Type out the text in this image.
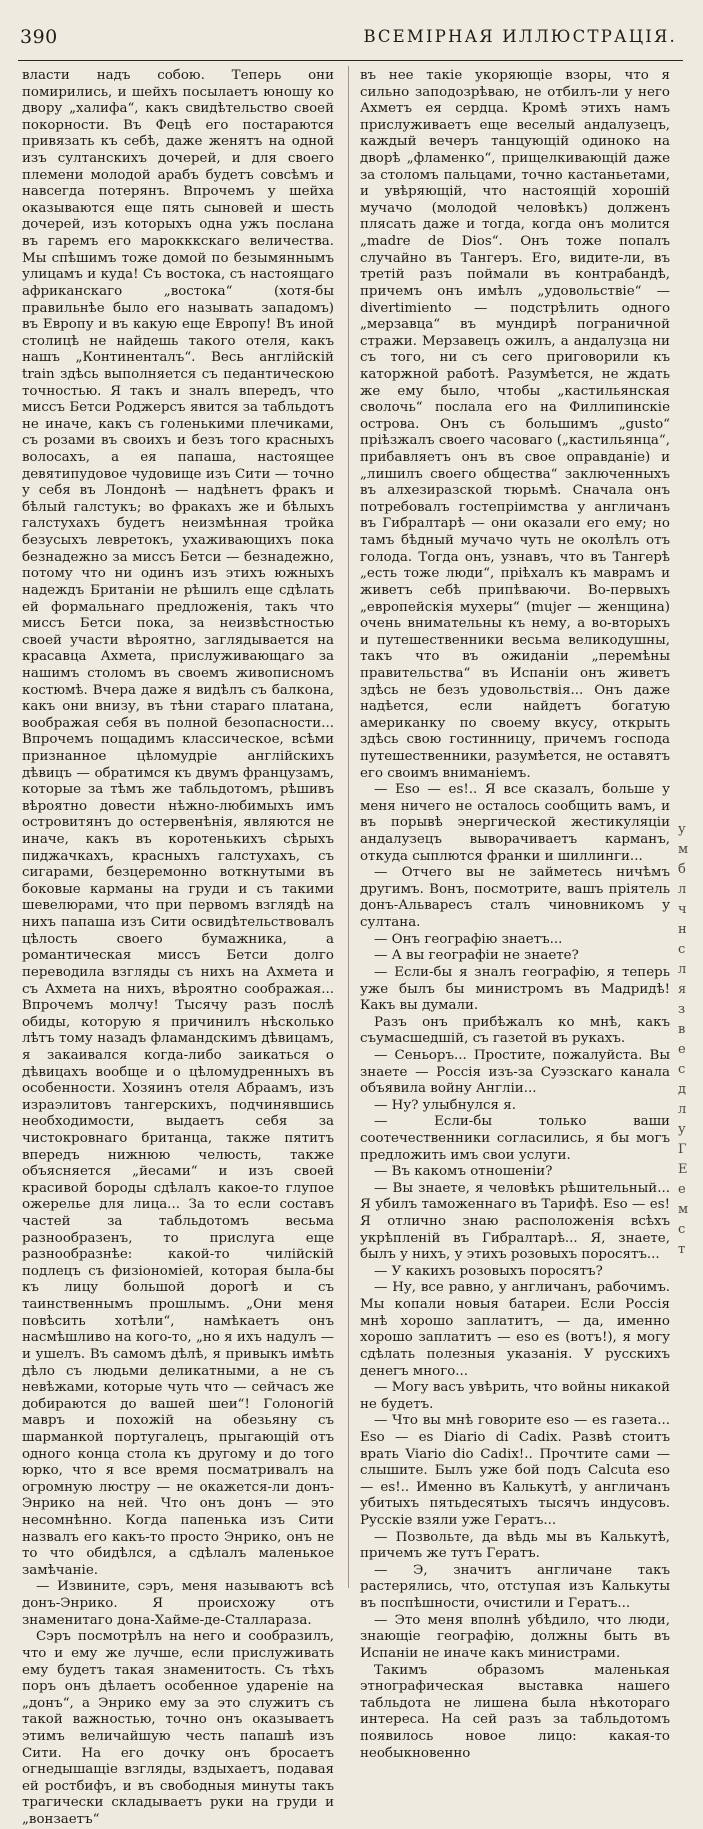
390	ВСЕМIРНАЯ ИЛЛЮСТРАЦIЯ.

власти надъ собою. Теперь они помирились, и шейхъ посылаетъ юношу ко двору „халифа“, какъ свидѣтельство своей покорности. Въ Фецѣ его постараются привязать къ себѣ, даже женятъ на одной изъ султанскихъ дочерей, и для своего племени молодой арабъ будетъ совсѣмъ и навсегда потерянъ. Впрочемъ у шейха оказываются еще пять сыновей и шесть дочерей, изъ которыхъ одна ужъ послана въ гаремъ его марокккскаго величества. Мы спѣшимъ тоже домой по безымяннымъ улицамъ и куда! Съ востока, съ настоящаго африканскаго „востока“ (хотя-бы правильнѣе было его называть западомъ) въ Европу и въ какую еще Европу! Въ иной столицѣ не найдешь такого отеля, какъ нашъ „Континенталъ“. Весь англiйскiй train здѣсь выполняется съ педантическою точностью. Я такъ и зналъ впередъ, что миссъ Бетси Роджерсъ явится за табльдотъ не иначе, какъ съ голенькими плечиками, съ розами въ своихъ и безъ того красныхъ волосахъ, а ея папаша, настоящее девятипудовое чудовище изъ Сити — точно у себя въ Лондонѣ — надѣнетъ фракъ и бѣлый галстукъ; во фракахъ же и бѣлыхъ галстухахъ будетъ неизмѣнная тройка безусыхъ левретокъ, ухаживающихъ пока безнадежно за миссъ Бетси — безнадежно, потому что ни одинъ изъ этихъ южныхъ надеждъ Британiи не рѣшилъ еще сдѣлать ей формальнаго предложенiя, такъ что миссъ Бетси пока, за неизвѣстностью своей участи вѣроятно, заглядывается на красавца Ахмета, прислуживающаго за нашимъ столомъ въ своемъ живописномъ костюмѣ. Вчера даже я видѣлъ съ балкона, какъ они внизу, въ тѣни стараго платана, воображая себя въ полной безопасности... Впрочемъ пощадимъ классическое, всѣми признанное цѣломудрiе англiйскихъ дѣвицъ — обратимся къ двумъ французамъ, которые за тѣмъ же табльдотомъ, рѣшивъ вѣроятно довести нѣжно-любимыхъ имъ островитянъ до остервенѣнiя, являются не иначе, какъ въ коротенькихъ сѣрыхъ пиджачкахъ, красныхъ галстухахъ, съ сигарами, безцеремонно воткнутыми въ боковые карманы на груди и съ такими шевелюрами, что при первомъ взглядѣ на нихъ папаша изъ Сити освидѣтельствовалъ цѣлость своего бумажника, а романтическая миссъ Бетси долго переводила взгляды съ нихъ на Ахмета и съ Ахмета на нихъ, вѣроятно соображая... Впрочемъ молчу! Тысячу разъ послѣ обиды, которую я причинилъ нѣсколько лѣтъ тому назадъ фламандскимъ дѣвицамъ, я закаивался когда-либо заикаться о дѣвицахъ вообще и о цѣломудренныхъ въ особенности. Хозяинъ отеля Абраамъ, изъ израэлитовъ тангерскихъ, подчинявшись необходимости, выдаетъ себя за чистокровнаго британца, также пятитъ впередъ нижнюю челюсть, также объясняется „йесами“ и изъ своей красивой бороды сдѣлалъ какое-то глупое ожерелье для лица... За то если составъ частей за табльдотомъ весьма разнообразенъ, то прислуга еще разнообразнѣе: какой-то чилiйскiй подлецъ съ физiономiей, которая была-бы къ лицу большой дорогѣ и съ таинственнымъ прошлымъ. „Они меня повѣсить хотѣли“, намѣкаетъ онъ насмѣшливо на кого-то, „но я ихъ надулъ — и ушелъ. Въ самомъ дѣлѣ, я привыкъ имѣть дѣло съ людьми деликатными, а не съ невѣжами, которые чуть что — сейчасъ же добираются до вашей шеи“! Голоногiй мавръ и похожiй на обезьяну съ шарманкой португалецъ, прыгающiй отъ одного конца стола къ другому и до того юрко, что я все время посматривалъ на огромную люстру — не окажется-ли донъ-Энрико на ней. Что онъ донъ — это несомнѣнно. Когда папенька изъ Сити назвалъ его какъ-то просто Энрико, онъ не то что обидѣлся, а сдѣлалъ маленькое замѣчанiе.

— Извините, сэръ, меня называютъ всѣ донъ-Энрико. Я происхожу отъ знаменитаго дона-Хайме-де-Сталлараза.

Сэръ посмотрѣлъ на него и сообразилъ, что и ему же лучше, если прислуживать ему будетъ такая знаменитость. Съ тѣхъ поръ онъ дѣлаетъ особенное ударенiе на „донъ“, а Энрико ему за это служитъ съ такой важностью, точно онъ оказываетъ этимъ величайшую честь папашѣ изъ Сити. На его дочку онъ бросаетъ огнедышащiе взгляды, вздыхаетъ, подавая ей ростбифъ, и въ свободныя минуты такъ трагически складываетъ руки на груди и „вонзаетъ“

въ нее такiе укоряющiе взоры, что я сильно заподозрѣваю, не отбилъ-ли у него Ахметъ ея сердца. Кромѣ этихъ намъ прислуживаетъ еще веселый андалузецъ, каждый вечеръ танцующiй одиноко на дворѣ „фламенко“, прищелкивающiй даже за столомъ пальцами, точно кастаньетами, и увѣряющiй, что настоящiй хорошiй мучачо (молодой человѣкъ) долженъ плясать даже и тогда, когда онъ молится „madre de Dios“. Онъ тоже попалъ случайно въ Тангеръ. Его, видите-ли, въ третiй разъ поймали въ контрабандѣ, причемъ онъ имѣлъ „удовольствiе“ — divertimiento — подстрѣлить одного „мерзавца“ въ мундирѣ пограничной стражи. Мерзавецъ ожилъ, а андалузца ни съ того, ни съ сего приговорили къ каторжной работѣ. Разумѣется, не ждать же ему было, чтобы „кастильянская сволочь“ послала его на Филлипинскiе острова. Онъ съ большимъ „gusto“ пріѣзжалъ своего часоваго („кастильянца“, прибавляетъ онъ въ свое оправданiе) и „лишилъ своего общества“ заключенныхъ въ алхезиразской тюрьмѣ. Сначала онъ потребовалъ гостепрiимства у англичанъ въ Гибралтарѣ — они оказали его ему; но тамъ бѣдный мучачо чуть не околѣлъ отъ голода. Тогда онъ, узнавъ, что въ Тангерѣ „есть тоже люди“, прiѣхалъ къ маврамъ и живетъ себѣ припѣваючи. Во-первыхъ „европейскiя мухеры“ (mujer — женщина) очень внимательны къ нему, а во-вторыхъ и путешественники весьма великодушны, такъ что въ ожиданiи „перемѣны правительства“ въ Испанiи онъ живетъ здѣсь не безъ удовольствiя... Онъ даже надѣется, если найдетъ богатую американку по своему вкусу, открыть здѣсь свою гостинницу, причемъ господа путешественники, разумѣется, не оставятъ его своимъ вниманiемъ.

— Eso — es!.. Я все сказалъ, больше у меня ничего не осталось сообщить вамъ, и въ порывѣ энергической жестикуляцiи андалузецъ выворачиваетъ карманъ, откуда сыплются франки и шиллинги...

— Отчего вы не займетесь ничѣмъ другимъ. Вонъ, посмотрите, вашъ прiятель донъ-Альваресъ сталъ чиновникомъ у султана.

— Онъ географiю знаетъ...

— А вы географiи не знаете?

— Если-бы я зналъ географiю, я теперь уже былъ бы министромъ въ Мадридѣ! Какъ вы думали.

Разъ онъ прибѣжалъ ко мнѣ, какъ съумасшедшiй, съ газетой въ рукахъ.

— Сеньоръ... Простите, пожалуйста. Вы знаете — Россiя изъ-за Суэзскаго канала объявила войну Англiи...

— Ну? улыбнулся я.

— Если-бы только ваши соотечественники согласились, я бы могъ предложить имъ свои услуги.

— Въ какомъ отношенiи?

— Вы знаете, я человѣкъ рѣшительный... Я убилъ таможеннаго въ Тарифѣ. Eso — es! Я отлично знаю расположенiя всѣхъ укрѣпленiй въ Гибралтарѣ... Я, знаете, былъ у нихъ, у этихъ розовыхъ поросятъ...

— У какихъ розовыхъ поросятъ?

— Ну, все равно, у англичанъ, рабочимъ. Мы копали новыя батареи. Если Россiя мнѣ хорошо заплатитъ, — да, именно хорошо заплатитъ — eso es (вотъ!), я могу сдѣлать полезныя указанiя. У русскихъ денегъ много...

— Могу васъ увѣрить, что войны никакой не будетъ.

— Что вы мнѣ говорите eso — es газета... Eso — es Diario di Cadix. Развѣ стоитъ врать Viario dio Cadix!.. Прочтите сами — слышите. Былъ уже бой подъ Calcuta eso — es!.. Именно въ Калькутѣ, у англичанъ убитыхъ пятьдесятыхъ тысячъ индусовъ. Русскiе взяли уже Гератъ...

— Позвольте, да вѣдь мы въ Калькутѣ, причемъ же тутъ Гератъ.

— Э, значитъ англичане такъ растерялись, что, отступая изъ Калькуты въ поспѣшности, очистили и Гератъ...

— Это меня вполнѣ убѣдило, что люди, знающiе географiю, должны быть въ Испанiи не иначе какъ министрами.

Такимъ образомъ маленькая этнографическая выставка нашего табльдота не лишена была нѣкотораго интереса. На сей разъ за табльдотомъ появилось новое лицо: какая-то необыкновенно

у
м
б
л
ч
н
с
л
я
з
в
е
с
д
л
у
Г
Е
е
м
с
т
